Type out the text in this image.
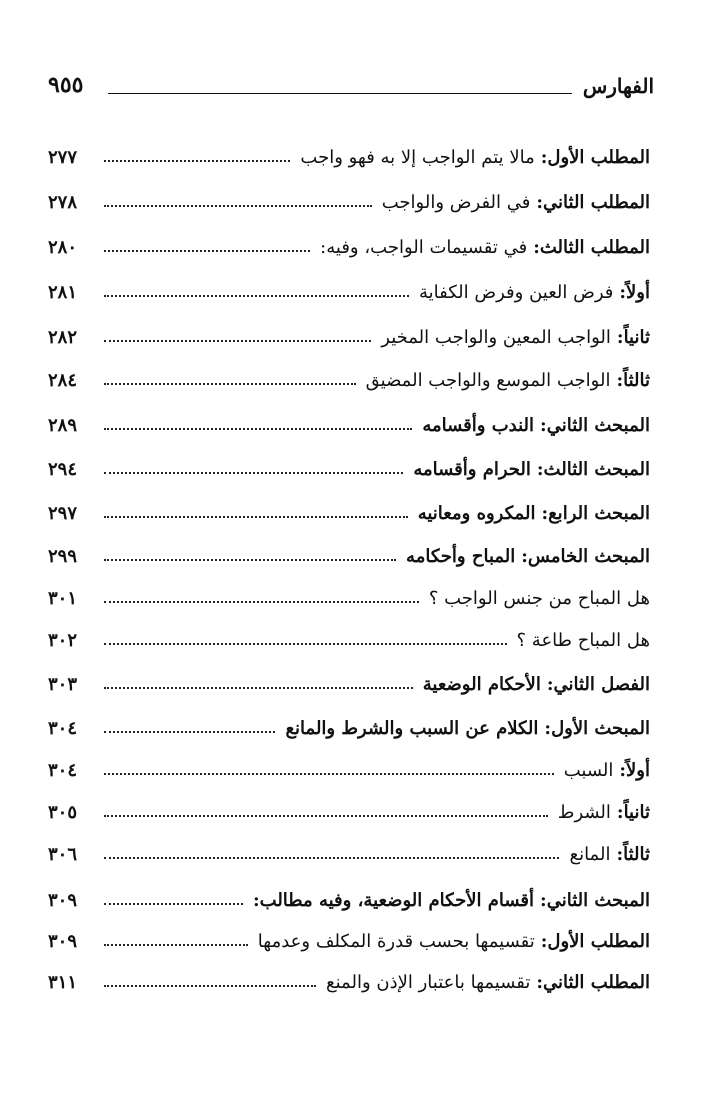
الفهارس
٩٥٥
المطلب الأول:
مالا يتم الواجب إلا به فهو واجب
٢٧٧
المطلب الثاني:
في الفرض والواجب
٢٧٨
المطلب الثالث:
في تقسيمات الواجب، وفيه:
٢٨٠
أولاً:
فرض العين وفرض الكفاية
٢٨١
ثانياً:
الواجب المعين والواجب المخير
٢٨٢
ثالثاً:
الواجب الموسع والواجب المضيق
٢٨٤
المبحث الثاني:
الندب وأقسامه
٢٨٩
المبحث الثالث:
الحرام وأقسامه
٢٩٤
المبحث الرابع:
المكروه ومعانيه
٢٩٧
المبحث الخامس:
المباح وأحكامه
٢٩٩
هل المباح من جنس الواجب ؟
٣٠١
هل المباح طاعة ؟
٣٠٢
الفصل الثاني:
الأحكام الوضعية
٣٠٣
المبحث الأول:
الكلام عن السبب والشرط والمانع
٣٠٤
أولاً:
السبب
٣٠٤
ثانياً:
الشرط
٣٠٥
ثالثاً:
المانع
٣٠٦
المبحث الثاني:
أقسام الأحكام الوضعية، وفيه مطالب:
٣٠٩
المطلب الأول:
تقسيمها بحسب قدرة المكلف وعدمها
٣٠٩
المطلب الثاني:
تقسيمها باعتبار الإذن والمنع
٣١١
